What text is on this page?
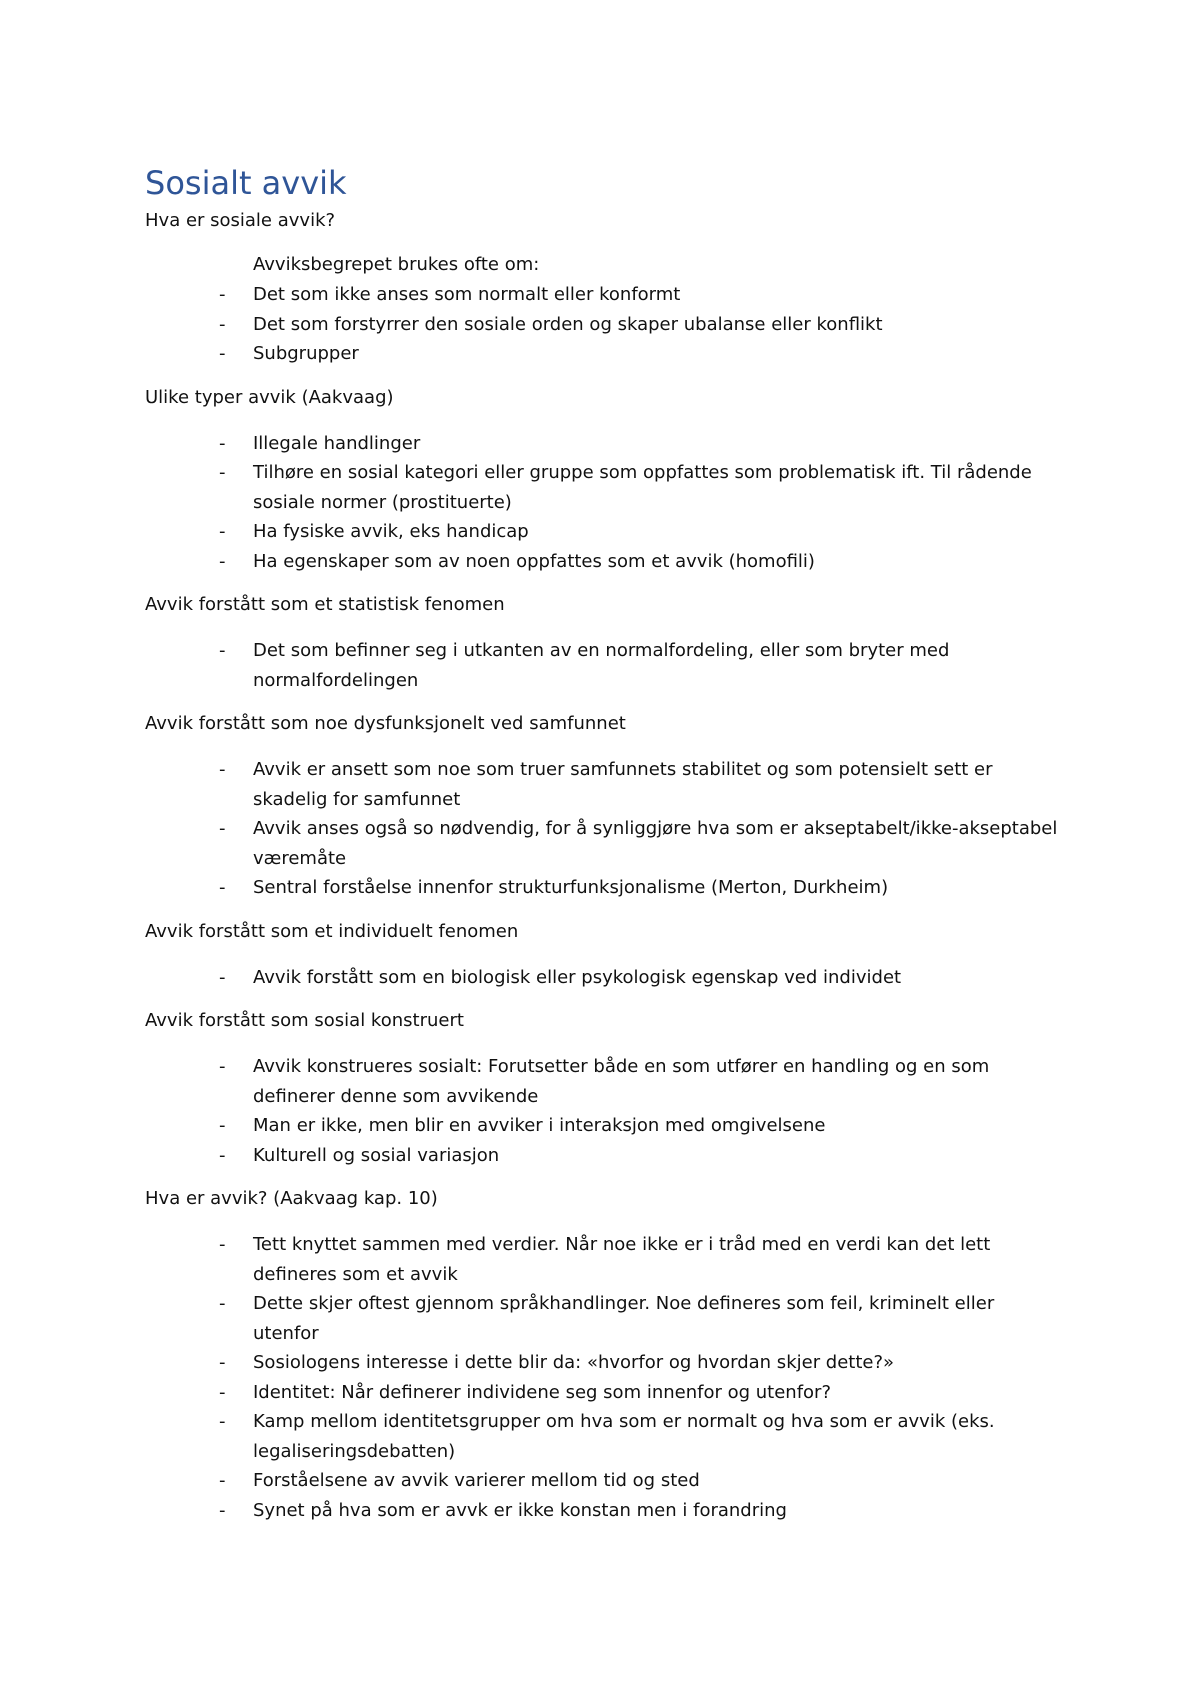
Sosialt avvik

Hva er sosiale avvik?

Avviksbegrepet brukes ofte om:

- Det som ikke anses som normalt eller konformt
- Det som forstyrrer den sosiale orden og skaper ubalanse eller konflikt
- Subgrupper

Ulike typer avvik (Aakvaag)

- Illegale handlinger
- Tilhøre en sosial kategori eller gruppe som oppfattes som problematisk ift. Til rådende sosiale normer (prostituerte)
- Ha fysiske avvik, eks handicap
- Ha egenskaper som av noen oppfattes som et avvik (homofili)

Avvik forstått som et statistisk fenomen

- Det som befinner seg i utkanten av en normalfordeling, eller som bryter med normalfordelingen

Avvik forstått som noe dysfunksjonelt ved samfunnet

- Avvik er ansett som noe som truer samfunnets stabilitet og som potensielt sett er skadelig for samfunnet
- Avvik anses også so nødvendig, for å synliggjøre hva som er akseptabelt/ikke-akseptabel væremåte
- Sentral forståelse innenfor strukturfunksjonalisme (Merton, Durkheim)

Avvik forstått som et individuelt fenomen

- Avvik forstått som en biologisk eller psykologisk egenskap ved individet

Avvik forstått som sosial konstruert

- Avvik konstrueres sosialt: Forutsetter både en som utfører en handling og en som definerer denne som avvikende
- Man er ikke, men blir en avviker i interaksjon med omgivelsene
- Kulturell og sosial variasjon

Hva er avvik? (Aakvaag kap. 10)

- Tett knyttet sammen med verdier. Når noe ikke er i tråd med en verdi kan det lett defineres som et avvik
- Dette skjer oftest gjennom språkhandlinger. Noe defineres som feil, kriminelt eller utenfor
- Sosiologens interesse i dette blir da: «hvorfor og hvordan skjer dette?»
- Identitet: Når definerer individene seg som innenfor og utenfor?
- Kamp mellom identitetsgrupper om hva som er normalt og hva som er avvik (eks. legaliseringsdebatten)
- Forståelsene av avvik varierer mellom tid og sted
- Synet på hva som er avvk er ikke konstan men i forandring
